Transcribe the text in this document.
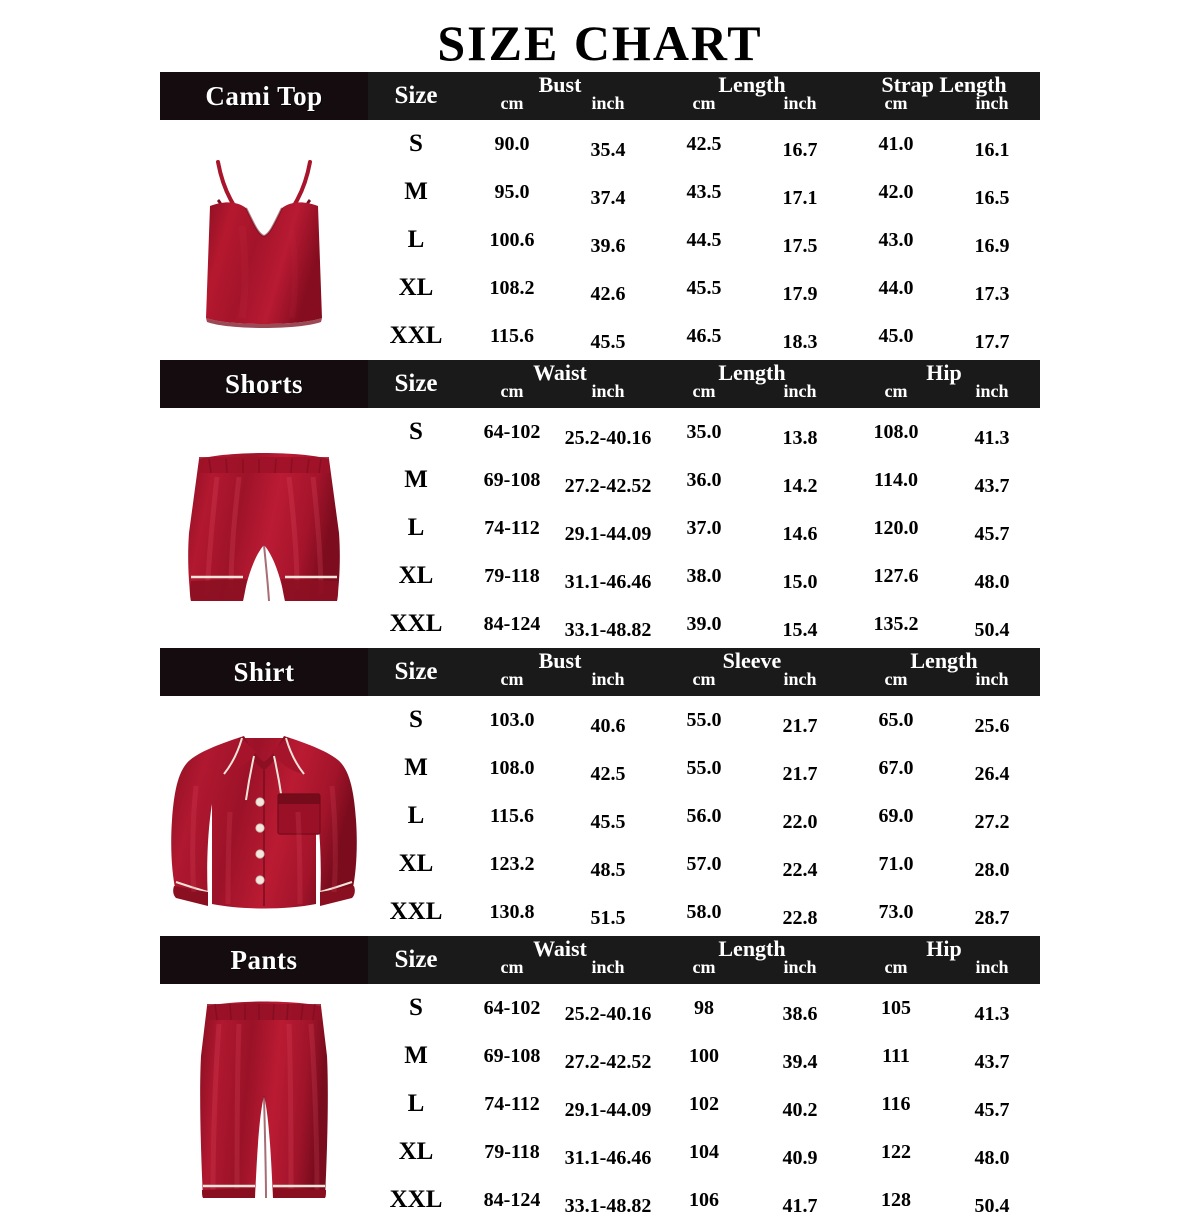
SIZE CHART
Cami Top	Size	Bust
cm	inch
Length
cm	inch
Strap Length
cm	inch
S	90.0	35.4	42.5	16.7	41.0	16.1
M	95.0	37.4	43.5	17.1	42.0	16.5
L	100.6	39.6	44.5	17.5	43.0	16.9
XL	108.2	42.6	45.5	17.9	44.0	17.3
XXL	115.6	45.5	46.5	18.3	45.0	17.7
Shorts	Size	Waist
cm	inch
Length
cm	inch
Hip
cm	inch
S	64-102	25.2-40.16	35.0	13.8	108.0	41.3
M	69-108	27.2-42.52	36.0	14.2	114.0	43.7
L	74-112	29.1-44.09	37.0	14.6	120.0	45.7
XL	79-118	31.1-46.46	38.0	15.0	127.6	48.0
XXL	84-124	33.1-48.82	39.0	15.4	135.2	50.4
Shirt	Size	Bust
cm	inch
Sleeve
cm	inch
Length
cm	inch
S	103.0	40.6	55.0	21.7	65.0	25.6
M	108.0	42.5	55.0	21.7	67.0	26.4
L	115.6	45.5	56.0	22.0	69.0	27.2
XL	123.2	48.5	57.0	22.4	71.0	28.0
XXL	130.8	51.5	58.0	22.8	73.0	28.7
Pants	Size	Waist
cm	inch
Length
cm	inch
Hip
cm	inch
S	64-102	25.2-40.16	98	38.6	105	41.3
M	69-108	27.2-42.52	100	39.4	111	43.7
L	74-112	29.1-44.09	102	40.2	116	45.7
XL	79-118	31.1-46.46	104	40.9	122	48.0
XXL	84-124	33.1-48.82	106	41.7	128	50.4
